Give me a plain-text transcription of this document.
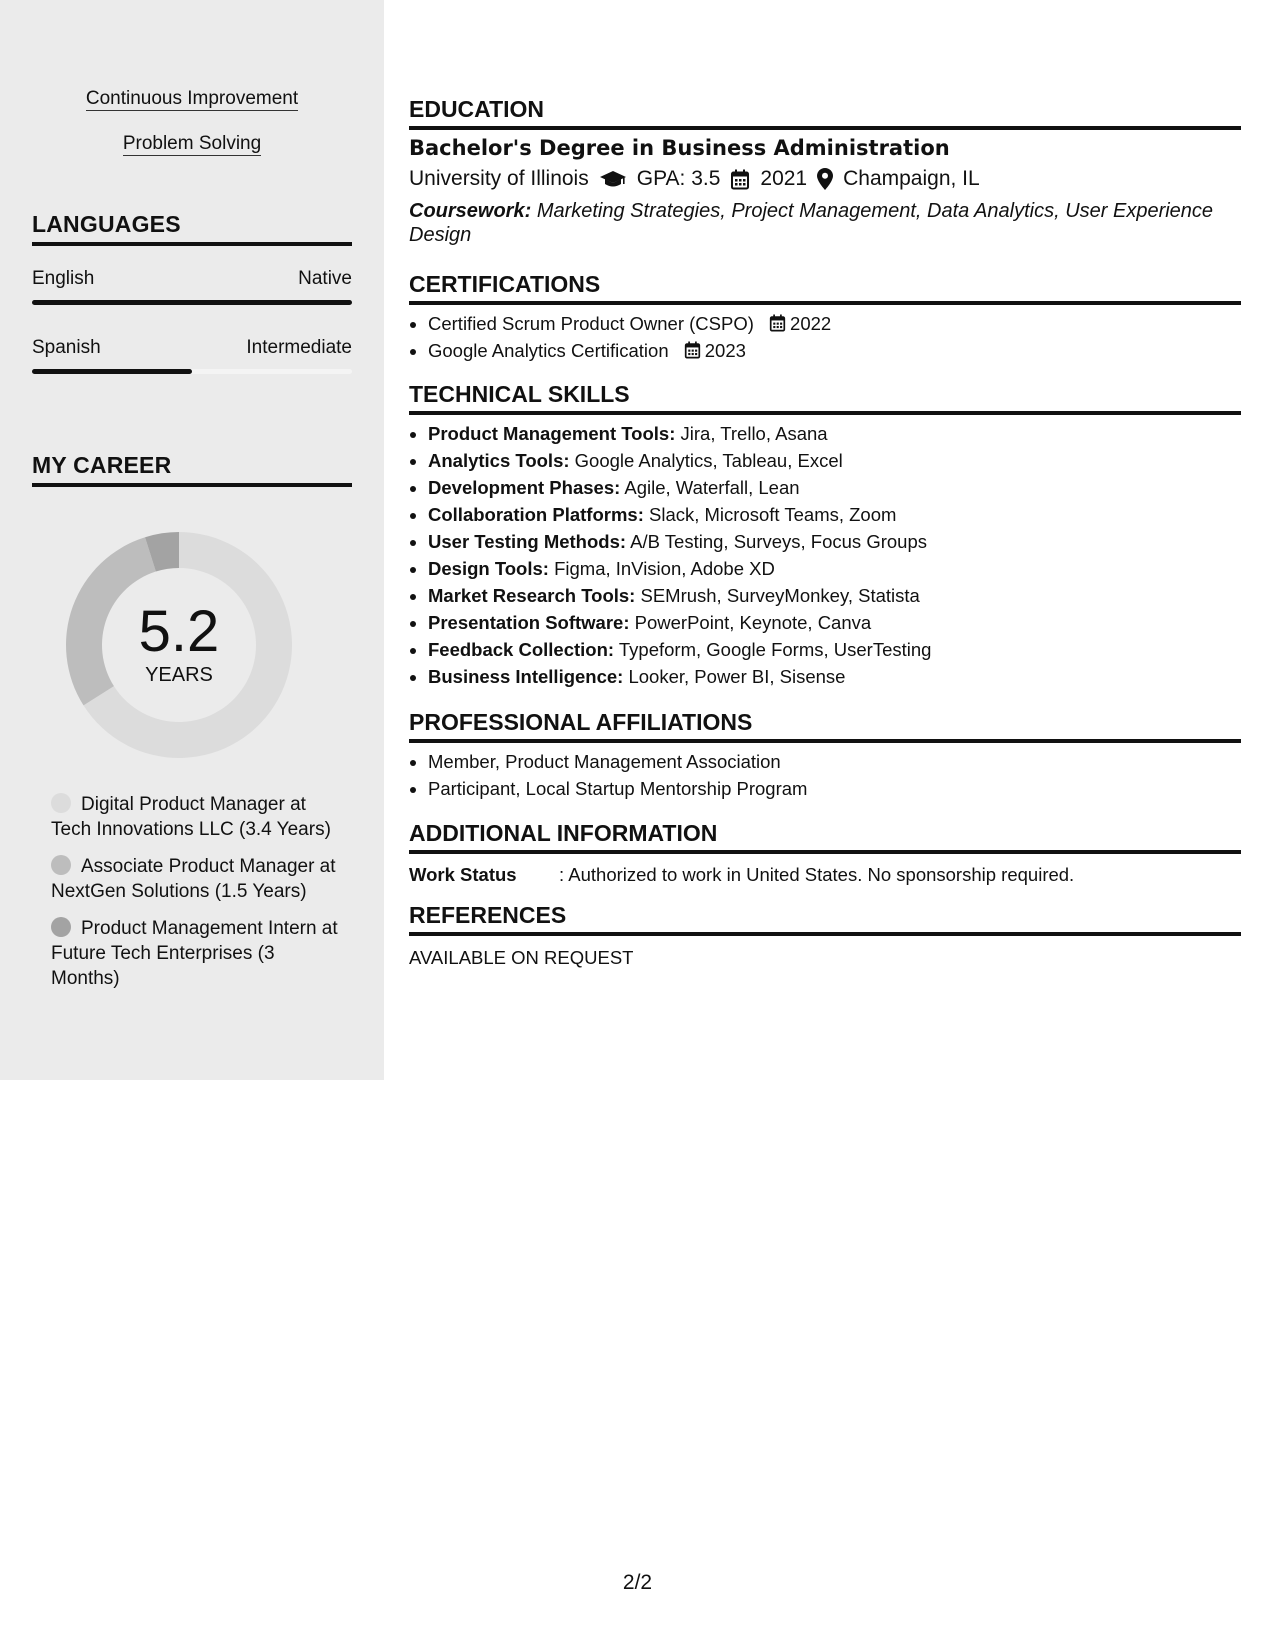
Continuous Improvement
Problem Solving
LANGUAGES
English	Native
Spanish	Intermediate
MY CAREER
5.2
YEARS
Digital Product Manager at Tech Innovations LLC (3.4 Years)
Associate Product Manager at NextGen Solutions (1.5 Years)
Product Management Intern at Future Tech Enterprises (3 Months)
EDUCATION
Bachelor's Degree in Business Administration
University of Illinois GPA: 3.5 2021 Champaign, IL
Coursework: Marketing Strategies, Project Management, Data Analytics, User Experience Design
CERTIFICATIONS
• Certified Scrum Product Owner (CSPO) 2022
• Google Analytics Certification 2023
TECHNICAL SKILLS
• Product Management Tools: Jira, Trello, Asana
• Analytics Tools: Google Analytics, Tableau, Excel
• Development Phases: Agile, Waterfall, Lean
• Collaboration Platforms: Slack, Microsoft Teams, Zoom
• User Testing Methods: A/B Testing, Surveys, Focus Groups
• Design Tools: Figma, InVision, Adobe XD
• Market Research Tools: SEMrush, SurveyMonkey, Statista
• Presentation Software: PowerPoint, Keynote, Canva
• Feedback Collection: Typeform, Google Forms, UserTesting
• Business Intelligence: Looker, Power BI, Sisense
PROFESSIONAL AFFILIATIONS
• Member, Product Management Association
• Participant, Local Startup Mentorship Program
ADDITIONAL INFORMATION
Work Status : Authorized to work in United States. No sponsorship required.
REFERENCES
AVAILABLE ON REQUEST
2/2
